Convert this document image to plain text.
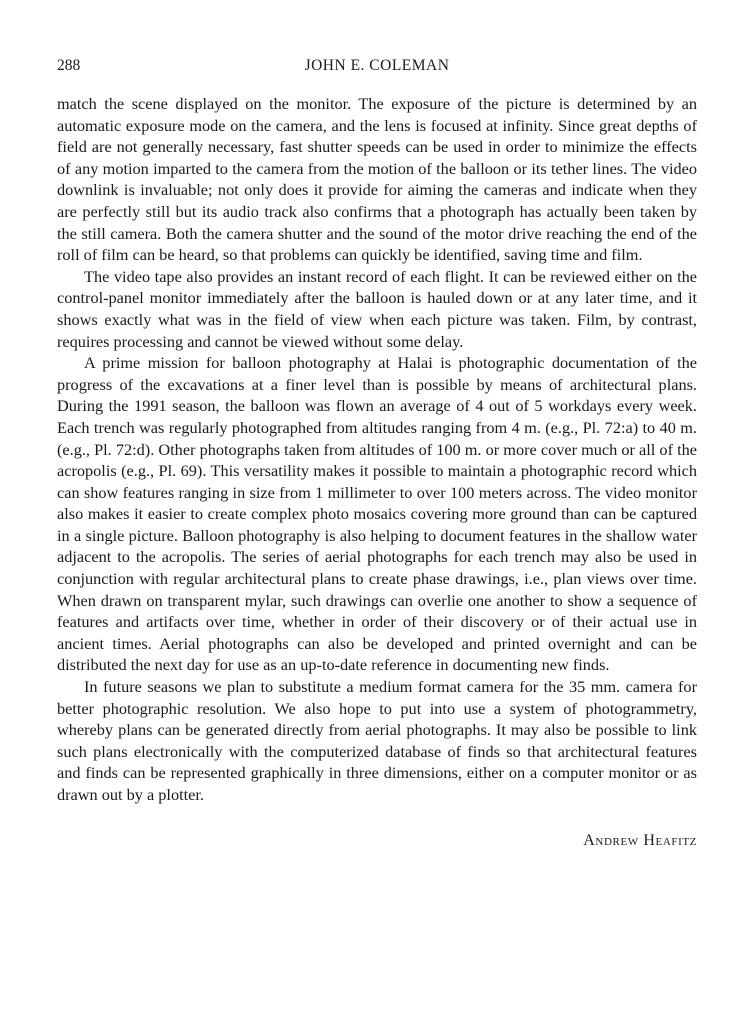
288	JOHN E. COLEMAN

match the scene displayed on the monitor. The exposure of the picture is determined by an automatic exposure mode on the camera, and the lens is focused at infinity. Since great depths of field are not generally necessary, fast shutter speeds can be used in order to minimize the effects of any motion imparted to the camera from the motion of the balloon or its tether lines. The video downlink is invaluable; not only does it provide for aiming the cameras and indicate when they are perfectly still but its audio track also confirms that a photograph has actually been taken by the still camera. Both the camera shutter and the sound of the motor drive reaching the end of the roll of film can be heard, so that problems can quickly be identified, saving time and film.

The video tape also provides an instant record of each flight. It can be reviewed either on the control-panel monitor immediately after the balloon is hauled down or at any later time, and it shows exactly what was in the field of view when each picture was taken. Film, by contrast, requires processing and cannot be viewed without some delay.

A prime mission for balloon photography at Halai is photographic documentation of the progress of the excavations at a finer level than is possible by means of architectural plans. During the 1991 season, the balloon was flown an average of 4 out of 5 workdays every week. Each trench was regularly photographed from altitudes ranging from 4 m. (e.g., Pl. 72:a) to 40 m. (e.g., Pl. 72:d). Other photographs taken from altitudes of 100 m. or more cover much or all of the acropolis (e.g., Pl. 69). This versatility makes it possible to maintain a photographic record which can show features ranging in size from 1 millimeter to over 100 meters across. The video monitor also makes it easier to create complex photo mosaics covering more ground than can be captured in a single picture. Balloon photography is also helping to document features in the shallow water adjacent to the acropolis. The series of aerial photographs for each trench may also be used in conjunction with regular architectural plans to create phase drawings, i.e., plan views over time. When drawn on transparent mylar, such drawings can overlie one another to show a sequence of features and artifacts over time, whether in order of their discovery or of their actual use in ancient times. Aerial photographs can also be developed and printed overnight and can be distributed the next day for use as an up-to-date reference in documenting new finds.

In future seasons we plan to substitute a medium format camera for the 35 mm. camera for better photographic resolution. We also hope to put into use a system of photogrammetry, whereby plans can be generated directly from aerial photographs. It may also be possible to link such plans electronically with the computerized database of finds so that architectural features and finds can be represented graphically in three dimensions, either on a computer monitor or as drawn out by a plotter.

Andrew Heafitz
